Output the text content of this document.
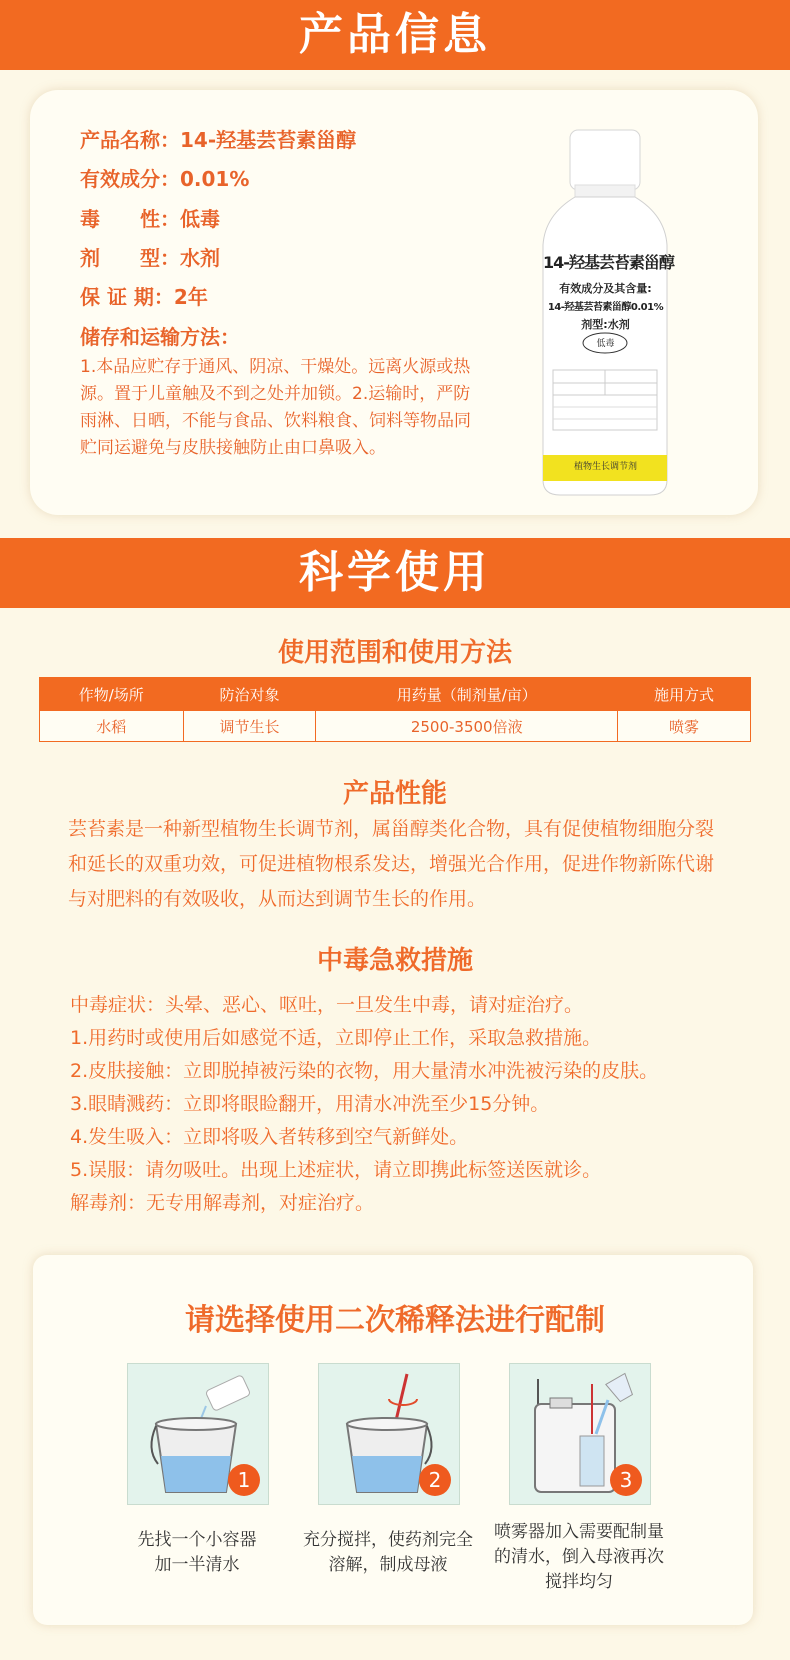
产品信息
产品名称：14-羟基芸苔素甾醇
有效成分：0.01%
毒　　性：低毒
剂　　型：水剂
保 证 期：2年
储存和运输方法：
1.本品应贮存于通风、阴凉、干燥处。远离火源或热源。置于儿童触及不到之处并加锁。2.运输时，严防雨淋、日晒，不能与食品、饮料粮食、饲料等物品同贮同运避免与皮肤接触防止由口鼻吸入。
14-羟基芸苔素甾醇
有效成分及其含量:
14-羟基芸苔素甾醇0.01%
剂型:水剂
低毒
植物生长调节剂
科学使用
使用范围和使用方法
作物/场所	防治对象	用药量（制剂量/亩）	施用方式
水稻	调节生长	2500-3500倍液	喷雾
产品性能
芸苔素是一种新型植物生长调节剂，属甾醇类化合物，具有促使植物细胞分裂和延长的双重功效，可促进植物根系发达，增强光合作用，促进作物新陈代谢与对肥料的有效吸收，从而达到调节生长的作用。
中毒急救措施
中毒症状：头晕、恶心、呕吐，一旦发生中毒，请对症治疗。
1.用药时或使用后如感觉不适，立即停止工作，采取急救措施。
2.皮肤接触：立即脱掉被污染的衣物，用大量清水冲洗被污染的皮肤。
3.眼睛溅药：立即将眼睑翻开，用清水冲洗至少15分钟。
4.发生吸入：立即将吸入者转移到空气新鲜处。
5.误服：请勿吸吐。出现上述症状，请立即携此标签送医就诊。
解毒剂：无专用解毒剂，对症治疗。
请选择使用二次稀释法进行配制
1
先找一个小容器加一半清水
2
充分搅拌，使药剂完全溶解，制成母液
3
喷雾器加入需要配制量的清水，倒入母液再次搅拌均匀
